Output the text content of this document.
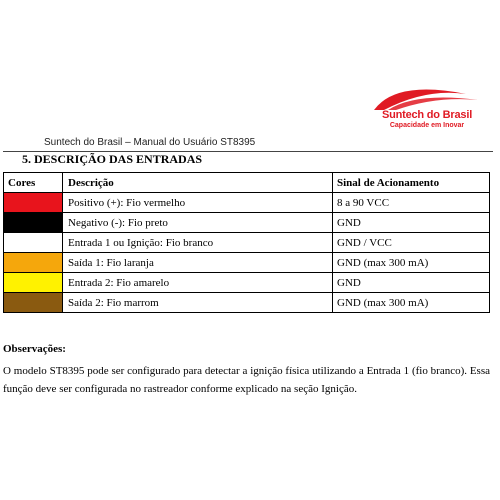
Suntech do Brasil
Capacidade em Inovar
Suntech do Brasil – Manual do Usuário ST8395
5. DESCRIÇÃO DAS ENTRADAS
Cores	Descrição	Sinal de Acionamento

	Positivo (+): Fio vermelho	8 a 90 VCC

	Negativo (-): Fio preto	GND

	Entrada 1 ou Ignição: Fio branco	GND / VCC

	Saída 1: Fio laranja	GND (max 300 mA)

	Entrada 2: Fio amarelo	GND

	Saída 2: Fio marrom	GND (max 300 mA)
Observações:
O modelo ST8395 pode ser configurado para detectar a ignição física utilizando a Entrada 1 (fio branco). Essa função deve ser configurada no rastreador conforme explicado na seção Ignição.
